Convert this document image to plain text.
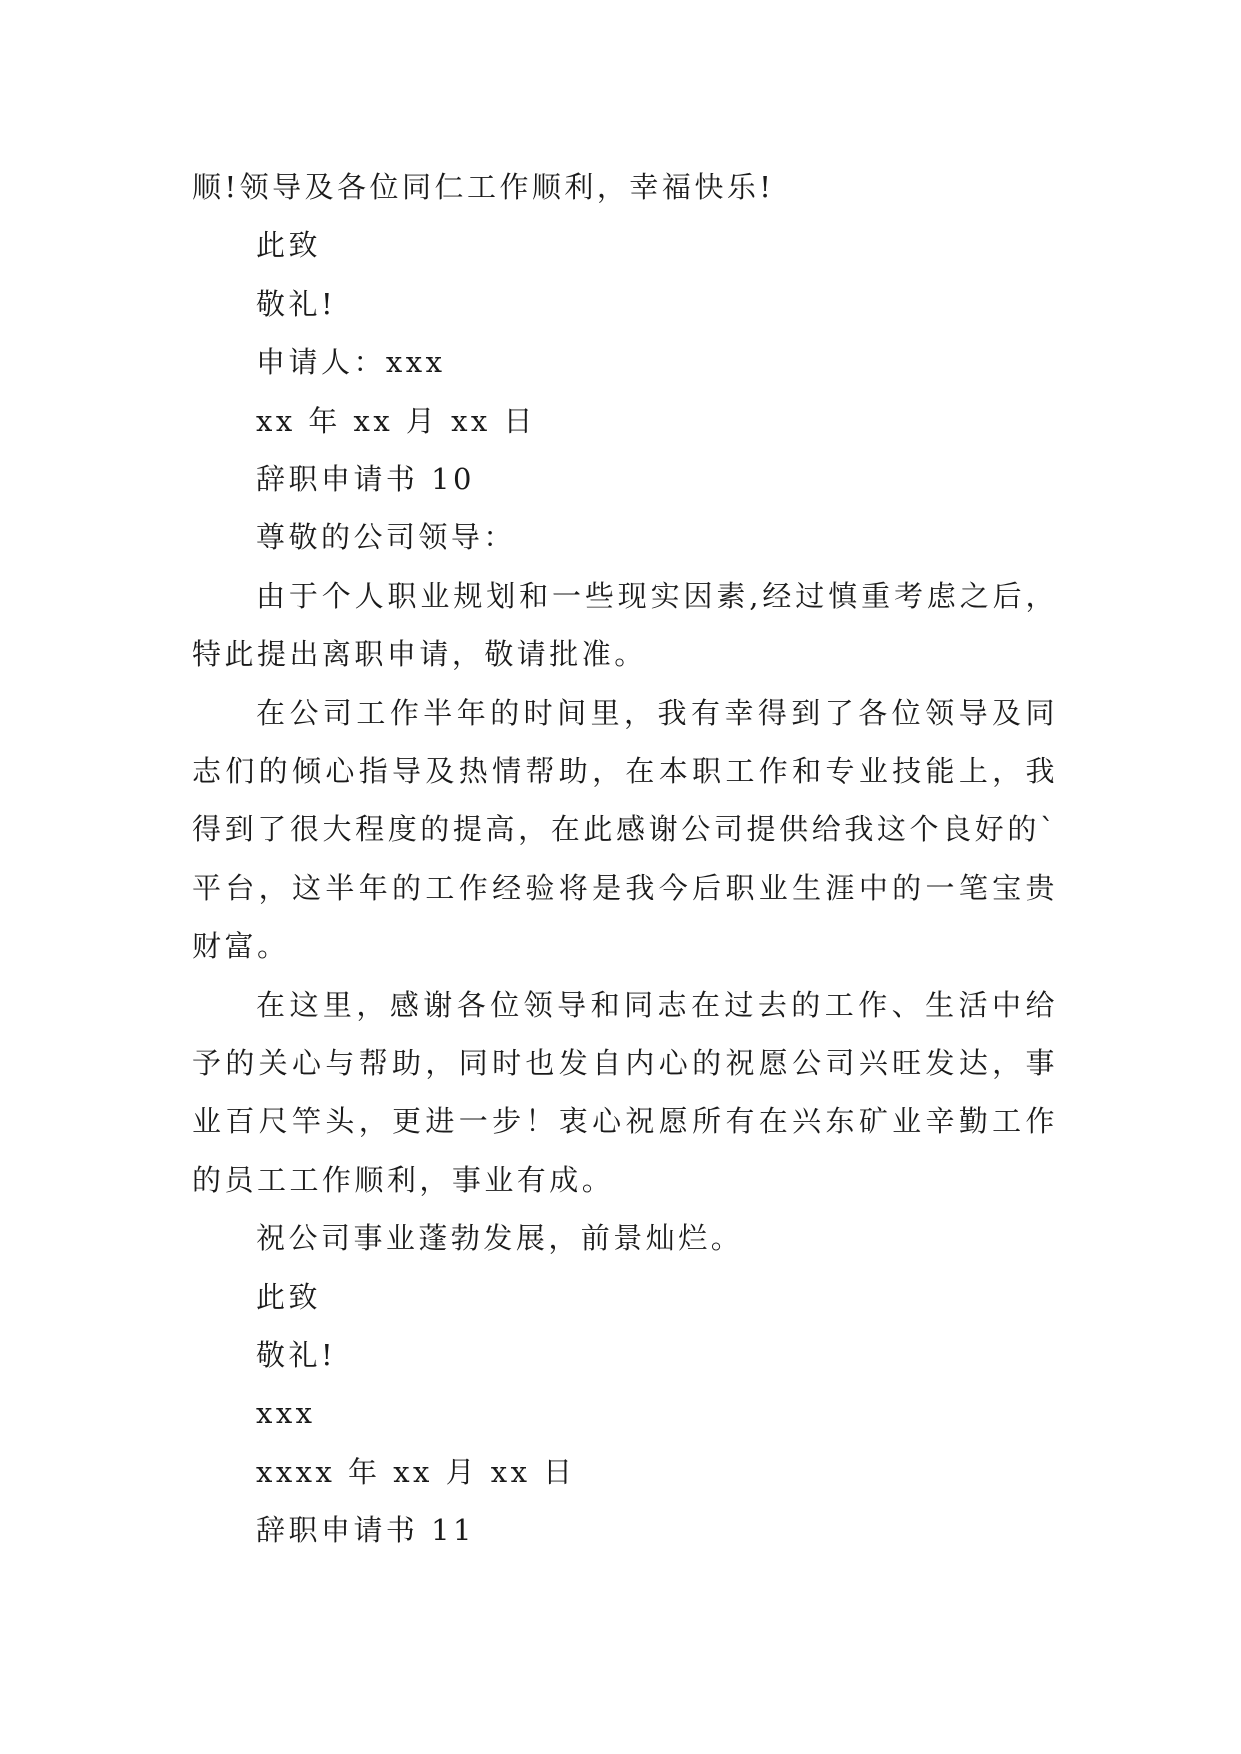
顺!领导及各位同仁工作顺利，幸福快乐!
此致
敬礼!
申请人：xxx
xx 年 xx 月 xx 日
辞职申请书 10
尊敬的公司领导：

由于个人职业规划和一些现实因素,经过慎重考虑之后，特此提出离职申请，敬请批准。

在公司工作半年的时间里，我有幸得到了各位领导及同志们的倾心指导及热情帮助，在本职工作和专业技能上，我得到了很大程度的提高，在此感谢公司提供给我这个良好的`平台，这半年的工作经验将是我今后职业生涯中的一笔宝贵财富。

在这里，感谢各位领导和同志在过去的工作、生活中给予的关心与帮助，同时也发自内心的祝愿公司兴旺发达，事业百尺竿头，更进一步！衷心祝愿所有在兴东矿业辛勤工作的员工工作顺利，事业有成。

祝公司事业蓬勃发展，前景灿烂。
此致
敬礼!
xxx
xxxx 年 xx 月 xx 日
辞职申请书 11
